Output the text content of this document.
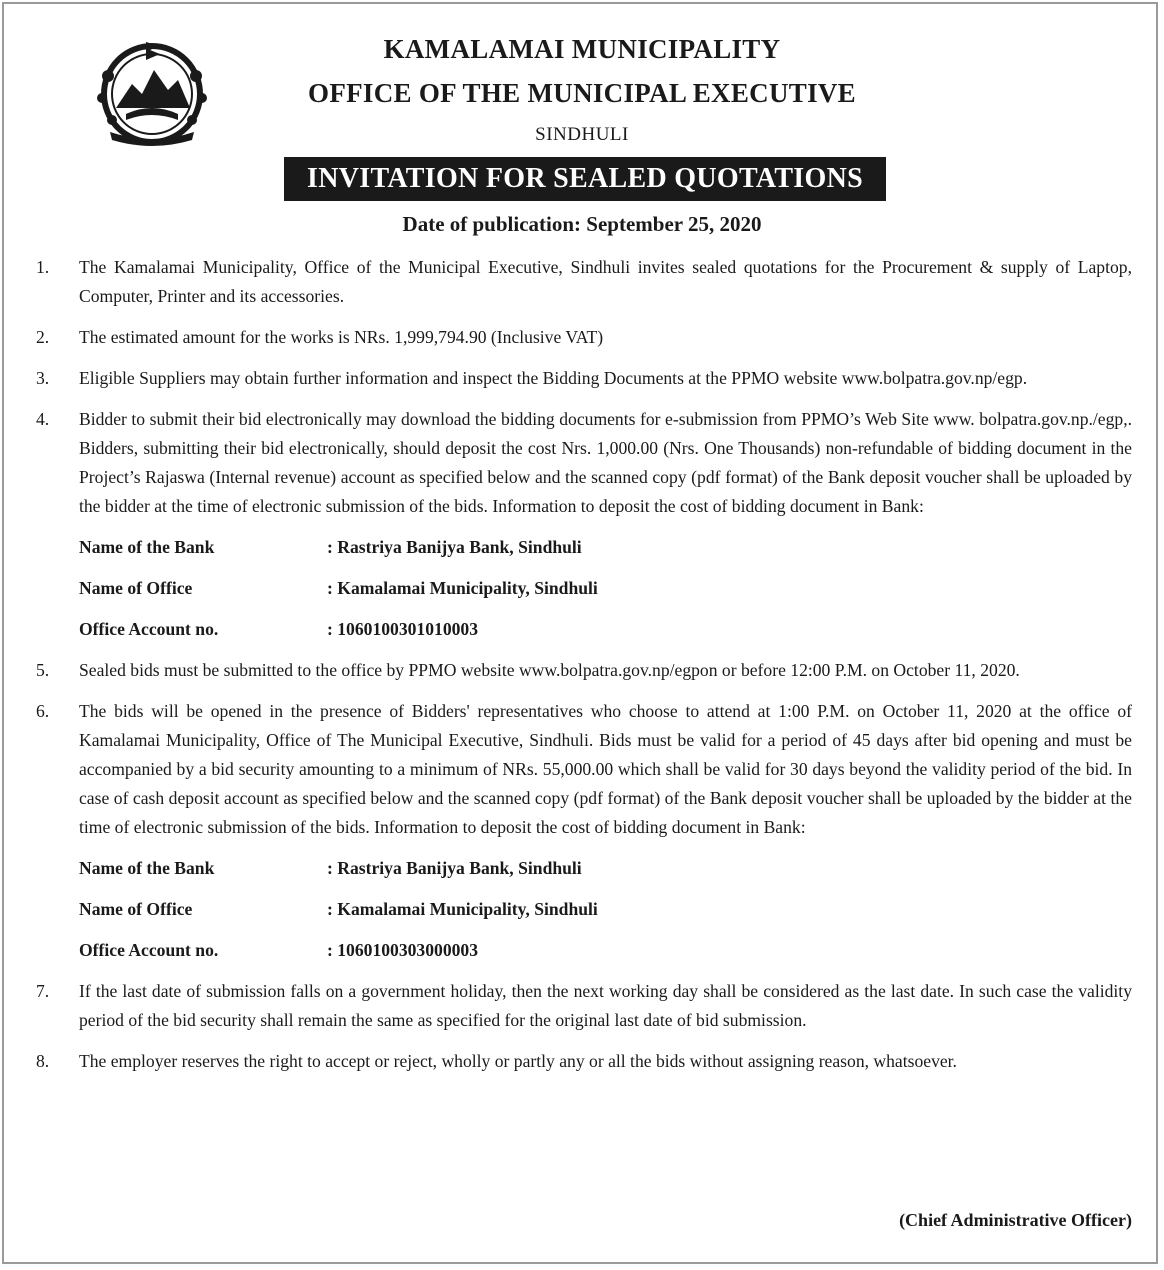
KAMALAMAI MUNICIPALITY
OFFICE OF THE MUNICIPAL EXECUTIVE
SINDHULI
INVITATION FOR SEALED QUOTATIONS
Date of publication: September 25, 2020
1.	The Kamalamai Municipality, Office of the Municipal Executive, Sindhuli invites sealed quotations for the Procurement & supply of Laptop, Computer, Printer and its accessories.
2.	The estimated amount for the works is NRs. 1,999,794.90 (Inclusive VAT)
3.	Eligible Suppliers may obtain further information and inspect the Bidding Documents at the PPMO website www.bolpatra.gov.np/egp.
4.	Bidder to submit their bid electronically may download the bidding documents for e-submission from PPMO’s Web Site www. bolpatra.gov.np./egp,. Bidders, submitting their bid electronically, should deposit the cost Nrs. 1,000.00 (Nrs. One Thousands) non-refundable of bidding document in the Project’s Rajaswa (Internal revenue) account as specified below and the scanned copy (pdf format) of the Bank deposit voucher shall be uploaded by the bidder at the time of electronic submission of the bids. Information to deposit the cost of bidding document in Bank:
Name of the Bank	: Rastriya Banijya Bank, Sindhuli
Name of Office	: Kamalamai Municipality, Sindhuli
Office Account no.	: 1060100301010003
5.	Sealed bids must be submitted to the office by PPMO website www.bolpatra.gov.np/egpon or before 12:00 P.M. on October 11, 2020.
6.	The bids will be opened in the presence of Bidders' representatives who choose to attend at 1:00 P.M. on October 11, 2020 at the office of Kamalamai Municipality, Office of The Municipal Executive, Sindhuli. Bids must be valid for a period of 45 days after bid opening and must be accompanied by a bid security amounting to a minimum of NRs. 55,000.00 which shall be valid for 30 days beyond the validity period of the bid. In case of cash deposit account as specified below and the scanned copy (pdf format) of the Bank deposit voucher shall be uploaded by the bidder at the time of electronic submission of the bids. Information to deposit the cost of bidding document in Bank:
Name of the Bank	: Rastriya Banijya Bank, Sindhuli
Name of Office	: Kamalamai Municipality, Sindhuli
Office Account no.	: 1060100303000003
7.	If the last date of submission falls on a government holiday, then the next working day shall be considered as the last date. In such case the validity period of the bid security shall remain the same as specified for the original last date of bid submission.
8.	The employer reserves the right to accept or reject, wholly or partly any or all the bids without assigning reason, whatsoever.
(Chief Administrative Officer)
